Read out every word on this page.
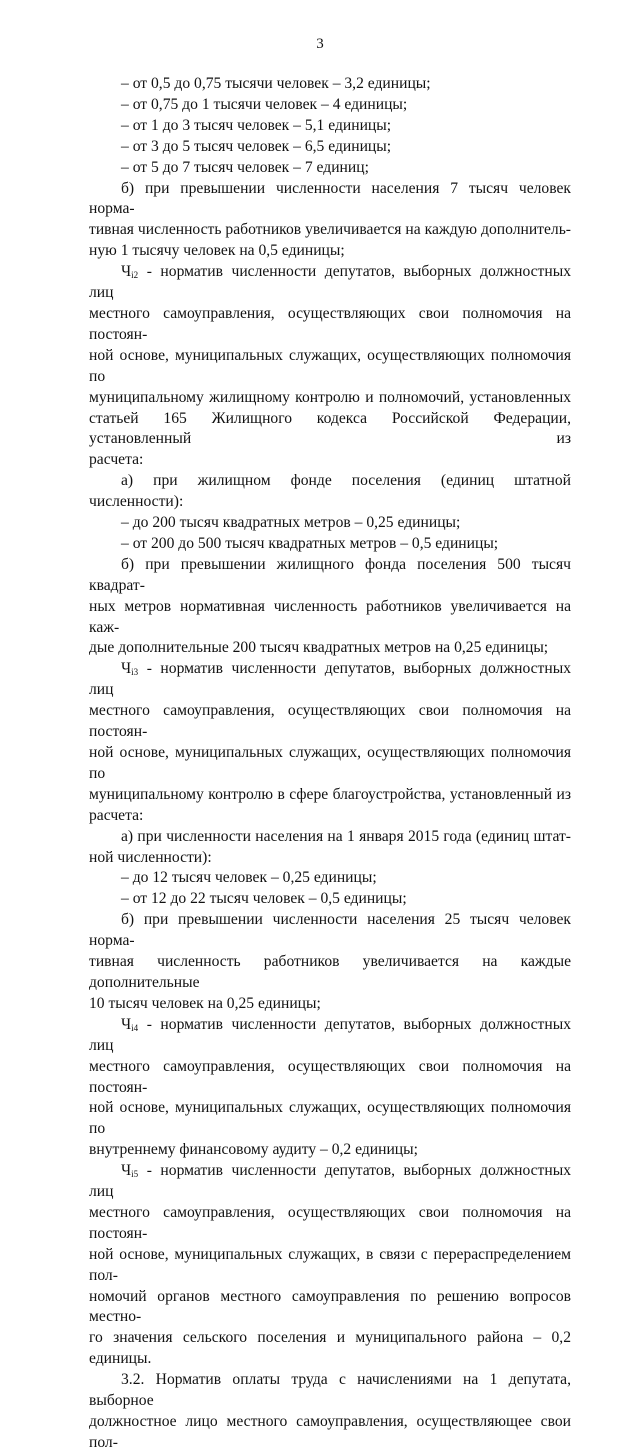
3
– от 0,5 до 0,75 тысячи человек – 3,2 единицы;
– от 0,75 до 1 тысячи человек – 4 единицы;
– от 1 до 3 тысяч человек – 5,1 единицы;
– от 3 до 5 тысяч человек – 6,5 единицы;
– от 5 до 7 тысяч человек – 7 единиц;
б) при превышении численности населения 7 тысяч человек норма-
тивная численность работников увеличивается на каждую дополнитель-
ную 1 тысячу человек на 0,5 единицы;
$Ч_{i2}$ - норматив численности депутатов, выборных должностных лиц
местного самоуправления, осуществляющих свои полномочия на постоян-
ной основе, муниципальных служащих, осуществляющих полномочия по
муниципальному жилищному контролю и полномочий, установленных
статьей 165 Жилищного кодекса Российской Федерации, установленный из
расчета:
а) при жилищном фонде поселения (единиц штатной численности):
– до 200 тысяч квадратных метров – 0,25 единицы;
– от 200 до 500 тысяч квадратных метров – 0,5 единицы;
б) при превышении жилищного фонда поселения 500 тысяч квадрат-
ных метров нормативная численность работников увеличивается на каж-
дые дополнительные 200 тысяч квадратных метров на 0,25 единицы;
$Ч_{i3}$ - норматив численности депутатов, выборных должностных лиц
местного самоуправления, осуществляющих свои полномочия на постоян-
ной основе, муниципальных служащих, осуществляющих полномочия по
муниципальному контролю в сфере благоустройства, установленный из
расчета:
а) при численности населения на 1 января 2015 года (единиц штат-
ной численности):
– до 12 тысяч человек – 0,25 единицы;
– от 12 до 22 тысяч человек – 0,5 единицы;
б) при превышении численности населения 25 тысяч человек норма-
тивная численность работников увеличивается на каждые дополнительные
10 тысяч человек на 0,25 единицы;
$Ч_{i4}$ - норматив численности депутатов, выборных должностных лиц
местного самоуправления, осуществляющих свои полномочия на постоян-
ной основе, муниципальных служащих, осуществляющих полномочия по
внутреннему финансовому аудиту – 0,2 единицы;
$Ч_{i5}$ - норматив численности депутатов, выборных должностных лиц
местного самоуправления, осуществляющих свои полномочия на постоян-
ной основе, муниципальных служащих, в связи с перераспределением пол-
номочий органов местного самоуправления по решению вопросов местно-
го значения сельского поселения и муниципального района – 0,2 единицы.
3.2. Норматив оплаты труда с начислениями на 1 депутата, выборное
должностное лицо местного самоуправления, осуществляющее свои пол-
